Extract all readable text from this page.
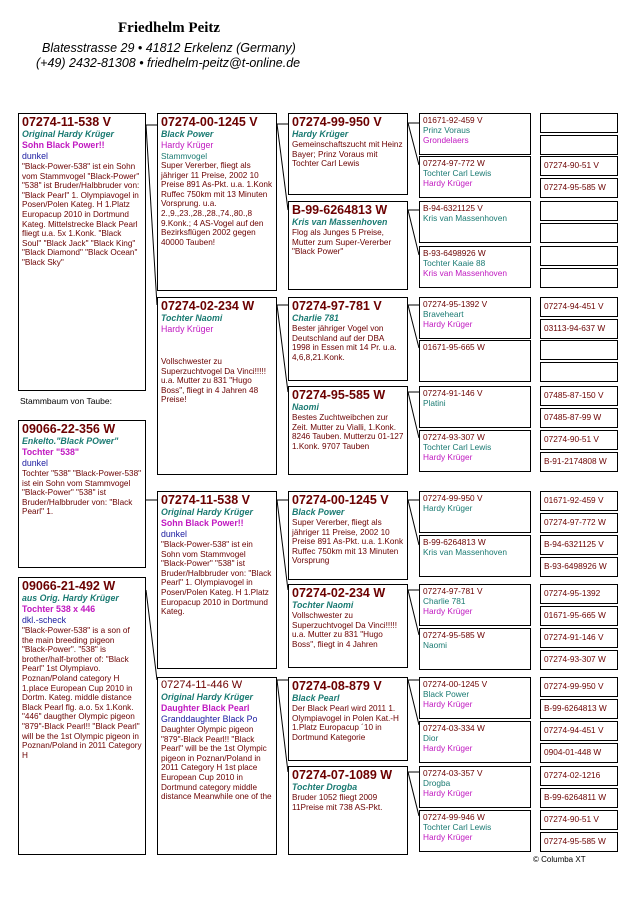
Friedhelm Peitz
Blatesstrasse 29 • 41812 Erkelenz (Germany)
(+49) 2432-81308 • friedhelm-peitz@t-online.de
07274-11-538 V
Original Hardy Krüger
Sohn Black Power!!
dunkel
"Black-Power-538" ist ein Sohn vom Stammvogel "Black-Power" "538" ist Bruder/Halbbruder von: "Black Pearl" 1. Olympiavogel in Posen/Polen Kateg. H 1.Platz Europacup 2010 in Dortmund Kateg. Mittelstrecke Black Pearl fliegt u.a. 5x 1.Konk. "Black Soul" "Black Jack" "Black King" "Black Diamond" "Black Ocean" "Black Sky"
Stammbaum von Taube:
09066-22-356 W
Enkelto."Black POwer"
Tochter "538"
dunkel
Tochter "538" "Black-Power-538" ist ein Sohn vom Stammvogel "Black-Power" "538" ist Bruder/Halbbruder von: "Black Pearl" 1.
07274-00-1245 V
Black Power
Hardy Krüger
Stammvogel
Super Vererber, fliegt als jähriger 11 Preise, 2002 10 Preise 891 As-Pkt. u.a. 1.Konk Ruffec 750km mit 13 Minuten Vorsprung. u.a. 2.,9.,23.,28.,28.,74.,80.,8 9.Konk.; 4 AS-Vogel auf den Bezirksflügen 2002 gegen 40000 Tauben!
07274-02-234 W
Tochter Naomi
Hardy Krüger
Vollschwester zu Superzuchtvogel Da Vinci!!!!! u.a. Mutter zu 831 "Hugo Boss", fliegt in 4 Jahren 48 Preise!
07274-99-950 V
Hardy Krüger
Gemeinschaftszucht mit Heinz Bayer; Prinz Voraus mit Tochter Carl Lewis
B-99-6264813 W
Kris van Massenhoven
Flog als Junges 5 Preise, Mutter zum Super-Vererber "Black Power"
07274-97-781 V
Charlie 781
Bester jähriger Vogel von Deutschland auf der DBA 1998 in Essen mit 14 Pr. u.a. 4,6,8,21.Konk.
07274-95-585 W
Naomi
Bestes Zuchtweibchen zur Zeit. Mutter zu Vialli, 1.Konk. 8246 Tauben. Mutterzu 01-127 1.Konk. 9707 Tauben
01671-92-459 V
Prinz Voraus
Grondelaers
07274-97-772 W
Tochter Carl Lewis
Hardy Krüger
B-94-6321125 V
Kris van Massenhoven
B-93-6498926 W
Tochter Kaaie 88
Kris van Massenhoven
07274-95-1392 V
Braveheart
Hardy Krüger
01671-95-665 W
07274-91-146 V
Platini
07274-93-307 W
Tochter Carl Lewis
Hardy Krüger
07274-90-51 V
07274-95-585 W
07274-94-451 V
03113-94-637 W
07485-87-150 V
07485-87-99 W
07274-90-51 V
B-91-2174808 W
09066-21-492 W
aus Orig. Hardy Krüger
Tochter 538 x 446
dkl.-scheck
"Black-Power-538" is a son of the main breeding pigeon "Black-Power". "538" is brother/half-brother of: "Black Pearl" 1st Olympiavo. Poznan/Poland category H 1.place European Cup 2010 in Dortm. Kateg. middle distance Black Pearl flg. a.o. 5x 1.Konk. "446" daugther Olympic pigeon "879"-Black Pearl!! "Black Pearl" will be the 1st Olympic pigeon in Poznan/Poland in 2011 Category H
07274-11-538 V
Original Hardy Krüger
Sohn Black Power!!
dunkel
"Black-Power-538" ist ein Sohn vom Stammvogel "Black-Power" "538" ist Bruder/Halbbruder von: "Black Pearl" 1. Olympiavogel in Posen/Polen Kateg. H 1.Platz Europacup 2010 in Dortmund Kateg.
07274-11-446 W
Original Hardy Krüger
Daughter Black Pearl
Granddaughter Black Po
Daughter Olympic pigeon "879"-Black Pearl!! "Black Pearl" will be the 1st Olympic pigeon in Poznan/Poland in 2011 Category H 1st place European Cup 2010 in Dortmund category middle distance Meanwhile one of the
07274-00-1245 V
Black Power
Super Vererber, fliegt als jähriger 11 Preise, 2002 10 Preise 891 As-Pkt. u.a. 1.Konk Ruffec 750km mit 13 Minuten Vorsprung
07274-02-234 W
Tochter Naomi
Vollschwester zu Superzuchtvogel Da Vinci!!!!! u.a. Mutter zu 831 "Hugo Boss", fliegt in 4 Jahren
07274-08-879 V
Black Pearl
Der Black Pearl wird 2011 1. Olympiavogel in Polen Kat.-H 1.Platz Europacup ´10 in Dortmund Kategorie
07274-07-1089 W
Tochter Drogba
Bruder 1052 fliegt 2009 11Preise mit 738 AS-Pkt.
07274-99-950 V
Hardy Krüger
B-99-6264813 W
Kris van Massenhoven
07274-97-781 V
Charlie 781
Hardy Krüger
07274-95-585 W
Naomi
07274-00-1245 V
Black Power
Hardy Krüger
07274-03-334 W
Dior
Hardy Krüger
07274-03-357 V
Drogba
Hardy Krüger
07274-99-946 W
Tochter Carl Lewis
Hardy Krüger
01671-92-459 V
07274-97-772 W
B-94-6321125 V
B-93-6498926 W
07274-95-1392
01671-95-665 W
07274-91-146 V
07274-93-307 W
07274-99-950 V
B-99-6264813 W
07274-94-451 V
0904-01-448 W
07274-02-1216
B-99-6264811 W
07274-90-51 V
07274-95-585 W
© Columba XT
